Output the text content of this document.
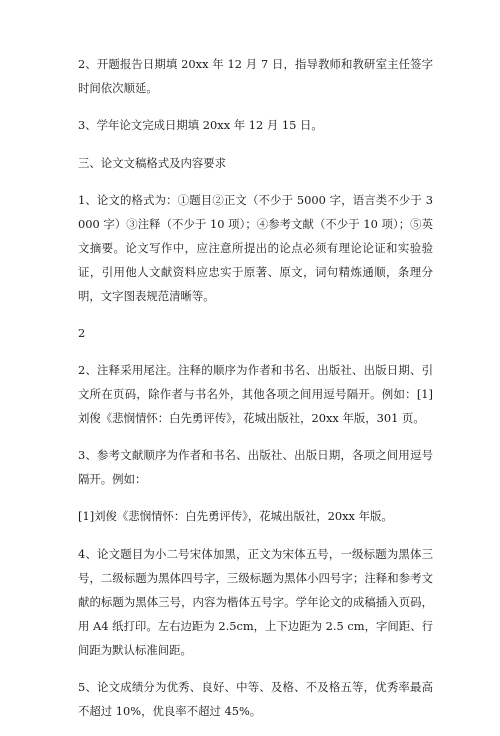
2、开题报告日期填 20xx 年 12 月 7 日，指导教师和教研室主任签字时间依次顺延。

3、学年论文完成日期填 20xx 年 12 月 15 日。

三、论文文稿格式及内容要求

1、论文的格式为：①题目②正文（不少于 5000 字，语言类不少于 3000 字）③注释（不少于 10 项）；④参考文献（不少于 10 项）；⑤英文摘要。论文写作中，应注意所提出的论点必须有理论论证和实验验证，引用他人文献资料应忠实于原著、原文，词句精炼通顺，条理分明，文字图表规范清晰等。

2

2、注释采用尾注。注释的顺序为作者和书名、出版社、出版日期、引文所在页码，除作者与书名外，其他各项之间用逗号隔开。例如：[1]刘俊《悲悯情怀：白先勇评传》，花城出版社，20xx 年版，301 页。

3、参考文献顺序为作者和书名、出版社、出版日期，各项之间用逗号隔开。例如：

[1]刘俊《悲悯情怀：白先勇评传》，花城出版社，20xx 年版。

4、论文题目为小二号宋体加黑，正文为宋体五号，一级标题为黑体三号，二级标题为黑体四号字，三级标题为黑体小四号字；注释和参考文献的标题为黑体三号，内容为楷体五号字。学年论文的成稿插入页码，用 A4 纸打印。左右边距为 2.5cm，上下边距为 2.5 cm，字间距、行间距为默认标准间距。

5、论文成绩分为优秀、良好、中等、及格、不及格五等，优秀率最高不超过 10%，优良率不超过 45%。
